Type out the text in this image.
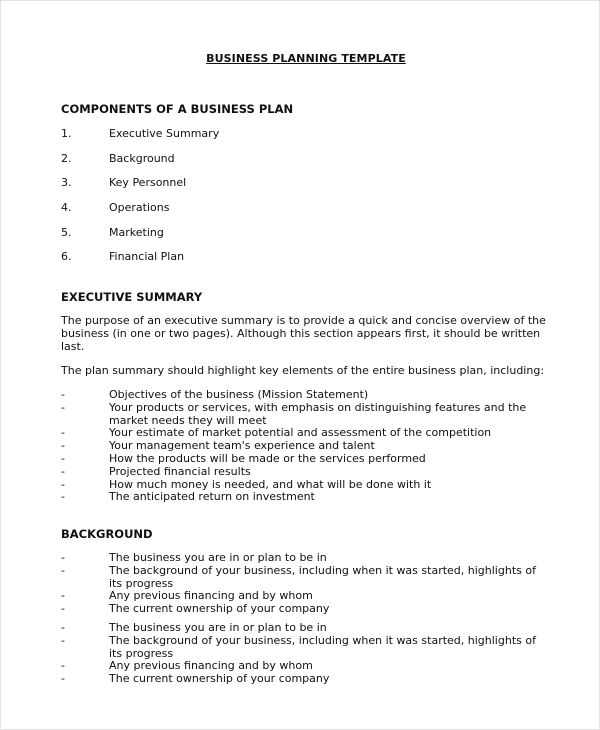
BUSINESS PLANNING TEMPLATE
COMPONENTS OF A BUSINESS PLAN
1.	Executive Summary
2.	Background
3.	Key Personnel
4.	Operations
5.	Marketing
6.	Financial Plan
EXECUTIVE SUMMARY

The purpose of an executive summary is to provide a quick and concise overview of the business (in one or two pages). Although this section appears first, it should be written last.

The plan summary should highlight key elements of the entire business plan, including:

-	Objectives of the business (Mission Statement)
-	Your products or services, with emphasis on distinguishing features and the market needs they will meet
-	Your estimate of market potential and assessment of the competition
-	Your management team's experience and talent
-	How the products will be made or the services performed
-	Projected financial results
-	How much money is needed, and what will be done with it
-	The anticipated return on investment
BACKGROUND
-	The business you are in or plan to be in
-	The background of your business, including when it was started, highlights of its progress
-	Any previous financing and by whom
-	The current ownership of your company
-	The business you are in or plan to be in
-	The background of your business, including when it was started, highlights of its progress
-	Any previous financing and by whom
-	The current ownership of your company
